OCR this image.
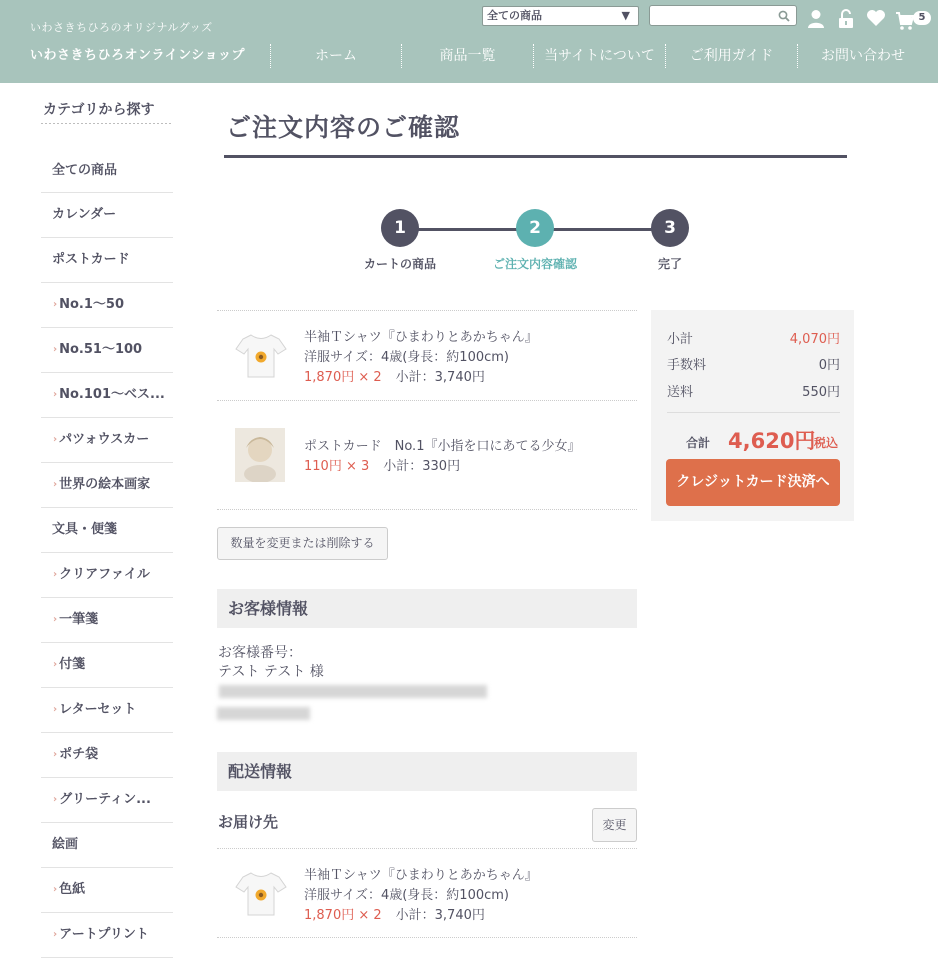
いわさきちひろのオリジナルグッズ
いわさきちひろオンラインショップ
全ての商品	▼	5
ホーム	商品一覧	当サイトについて	ご利用ガイド	お問い合わせ
カテゴリから探す
全ての商品
カレンダー
ポストカード
› No.1〜50
› No.51〜100
› No.101〜ベス...
› パツォウスカー
› 世界の絵本画家
文具・便箋
› クリアファイル
› 一筆箋
› 付箋
› レターセット
› ポチ袋
› グリーティン...
絵画
› 色紙
› アートプリント
ご注文内容のご確認
1
カートの商品
2
ご注文内容確認
3
完了
半袖Ｔシャツ『ひまわりとあかちゃん』
洋服サイズ：4歳(身長：約100cm)
1,870円 × 2 小計：3,740円
ポストカード　No.1『小指を口にあてる少女』
110円 × 3 小計：330円
数量を変更または削除する
お客様情報
お客様番号：
テスト テスト 様
配送情報
お届け先	変更
半袖Ｔシャツ『ひまわりとあかちゃん』
洋服サイズ：4歳(身長：約100cm)
1,870円 × 2 小計：3,740円
小計	4,070円
手数料	0円
送料	550円
合計 4,620円
税込
クレジットカード決済へ
